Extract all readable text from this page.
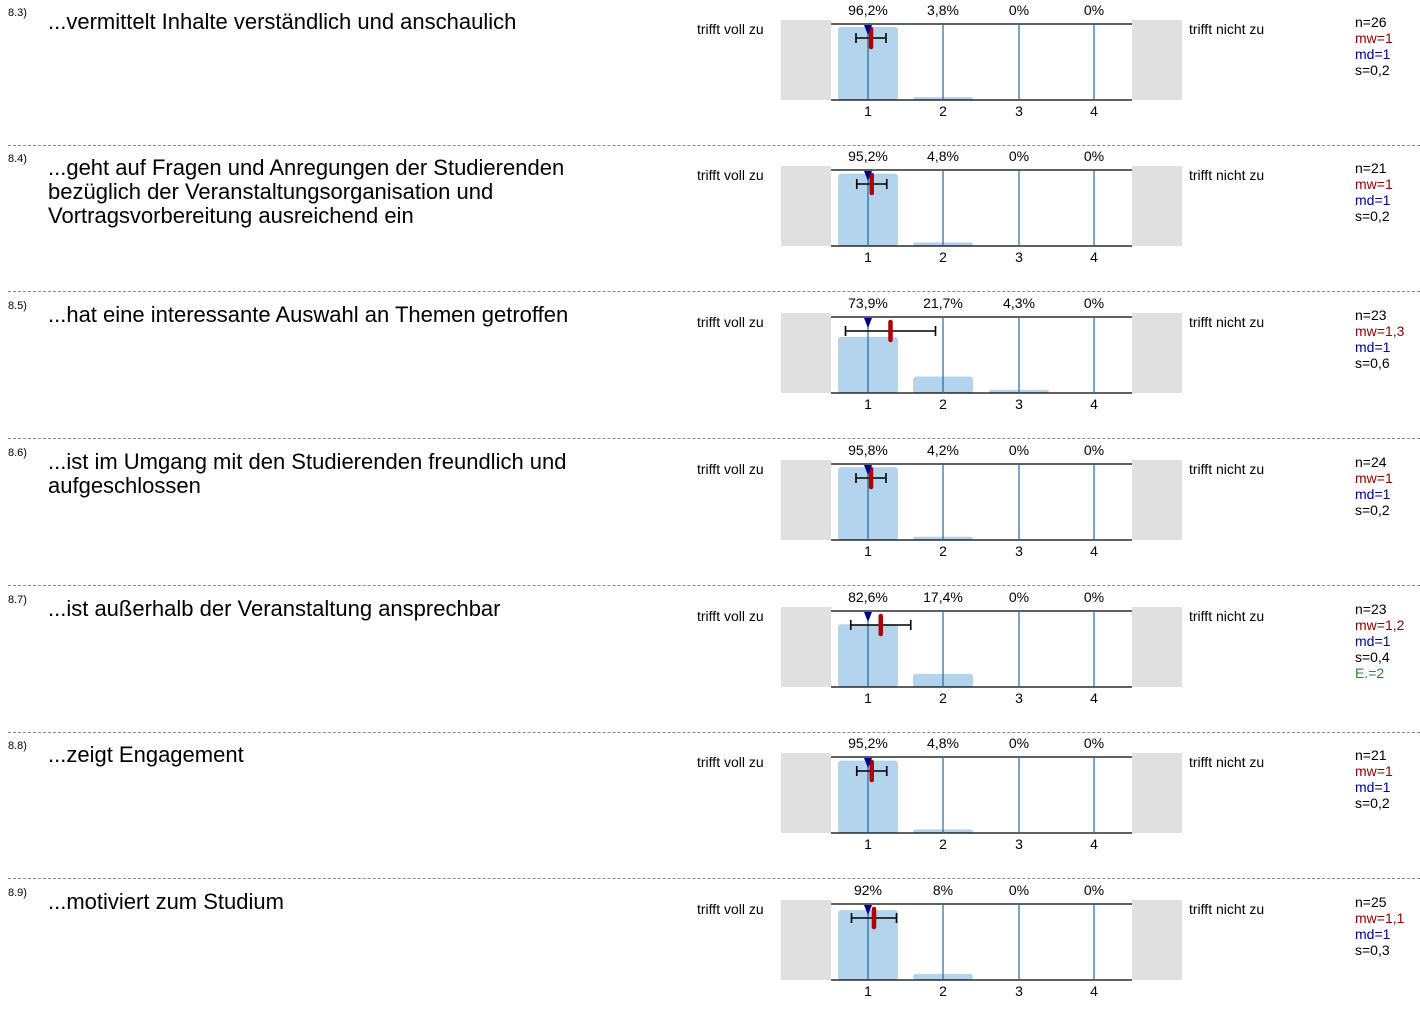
8.3) ...vermittelt Inhalte verständlich und anschaulich	trifft voll zu	trifft nicht zu	n=26
mw=1
md=1
s=0,2
96,2%	3,8%	0%	0%
1	2	3	4
8.4) ...geht auf Fragen und Anregungen der Studierenden bezüglich der Veranstaltungsorganisation und Vortragsvorbereitung ausreichend ein
trifft voll zu	trifft nicht zu	n=21
mw=1
md=1
s=0,2
95,2%	4,8%	0%	0%
1	2	3	4
8.5) ...hat eine interessante Auswahl an Themen getroffen	trifft voll zu	trifft nicht zu	n=23
mw=1,3
md=1
s=0,6
73,9%	21,7%	4,3%	0%
1	2	3	4
8.6) ...ist im Umgang mit den Studierenden freundlich und aufgeschlossen
trifft voll zu	trifft nicht zu	n=24
mw=1
md=1
s=0,2
95,8%	4,2%	0%	0%
1	2	3	4
8.7) ...ist außerhalb der Veranstaltung ansprechbar	trifft voll zu	trifft nicht zu	n=23
mw=1,2
md=1
s=0,4
E.=2
82,6%	17,4%	0%	0%
1	2	3	4
8.8) ...zeigt Engagement	trifft voll zu	trifft nicht zu	n=21
mw=1
md=1
s=0,2
95,2%	4,8%	0%	0%
1	2	3	4
8.9) ...motiviert zum Studium	trifft voll zu	trifft nicht zu	n=25
mw=1,1
md=1
s=0,3
92%	8%	0%	0%
1	2	3	4
